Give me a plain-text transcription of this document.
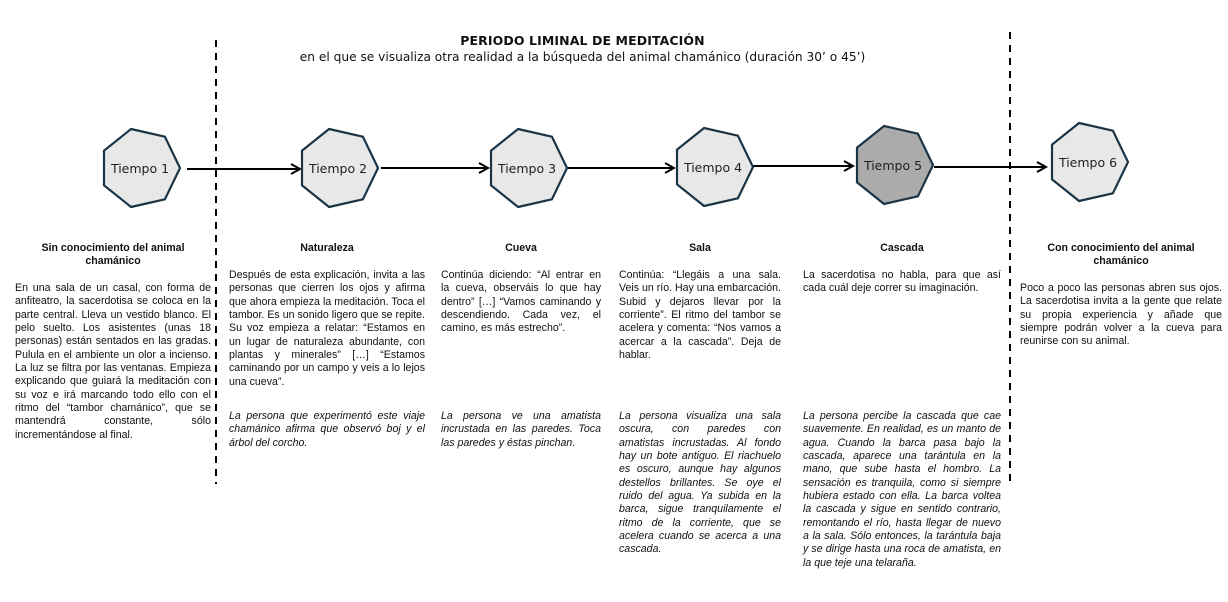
PERIODO LIMINAL DE MEDITACIÓN
en el que se visualiza otra realidad a la búsqueda del animal chamánico (duración 30’ o 45’)
Tiempo 1	Tiempo 2	Tiempo 3	Tiempo 4	Tiempo 5	Tiempo 6
Sin conocimiento del animal chamánico
En una sala de un casal, con forma de anfiteatro, la sacerdotisa se coloca en la parte central. Lleva un vestido blanco. El pelo suelto. Los asistentes (unas 18 personas) están sentados en las gradas. Pulula en el ambiente un olor a incienso. La luz se filtra por las ventanas. Empieza explicando que guiará la meditación con su voz e irá marcando todo ello con el ritmo del “tambor chamánico”, que se mantendrá constante, sólo incrementándose al final.
Naturaleza
Después de esta explicación, invita a las personas que cierren los ojos y afirma que ahora empieza la meditación. Toca el tambor. Es un sonido ligero que se repite. Su voz empieza a relatar: “Estamos en un lugar de naturaleza abundante, con plantas y minerales” […] “Estamos caminando por un campo y veis a lo lejos una cueva”.
La persona que experimentó este viaje chamánico afirma que observó boj y el árbol del corcho.
Cueva
Continúa diciendo: “Al entrar en la cueva, observáis lo que hay dentro” […] “Vamos caminando y descendiendo. Cada vez, el camino, es más estrecho”.
La persona ve una amatista incrustada en las paredes. Toca las paredes y éstas pinchan.
Sala
Continúa: “Llegáis a una sala. Veis un río. Hay una embarcación. Subid y dejaros llevar por la corriente”. El ritmo del tambor se acelera y comenta: “Nos vamos a acercar a la cascada”. Deja de hablar.
La persona visualiza una sala oscura, con paredes con amatistas incrustadas. Al fondo hay un bote antiguo. El riachuelo es oscuro, aunque hay algunos destellos brillantes. Se oye el ruido del agua. Ya subida en la barca, sigue tranquilamente el ritmo de la corriente, que se acelera cuando se acerca a una cascada.
Cascada
La sacerdotisa no habla, para que así cada cuál deje correr su imaginación.
La persona percibe la cascada que cae suavemente. En realidad, es un manto de agua. Cuando la barca pasa bajo la cascada, aparece una tarántula en la mano, que sube hasta el hombro. La sensación es tranquila, como si siempre hubiera estado con ella. La barca voltea la cascada y sigue en sentido contrario, remontando el río, hasta llegar de nuevo a la sala. Sólo entonces, la tarántula baja y se dirige hasta una roca de amatista, en la que teje una telaraña.
Con conocimiento del animal chamánico
Poco a poco las personas abren sus ojos. La sacerdotisa invita a la gente que relate su propia experiencia y añade que siempre podrán volver a la cueva para reunirse con su animal.
